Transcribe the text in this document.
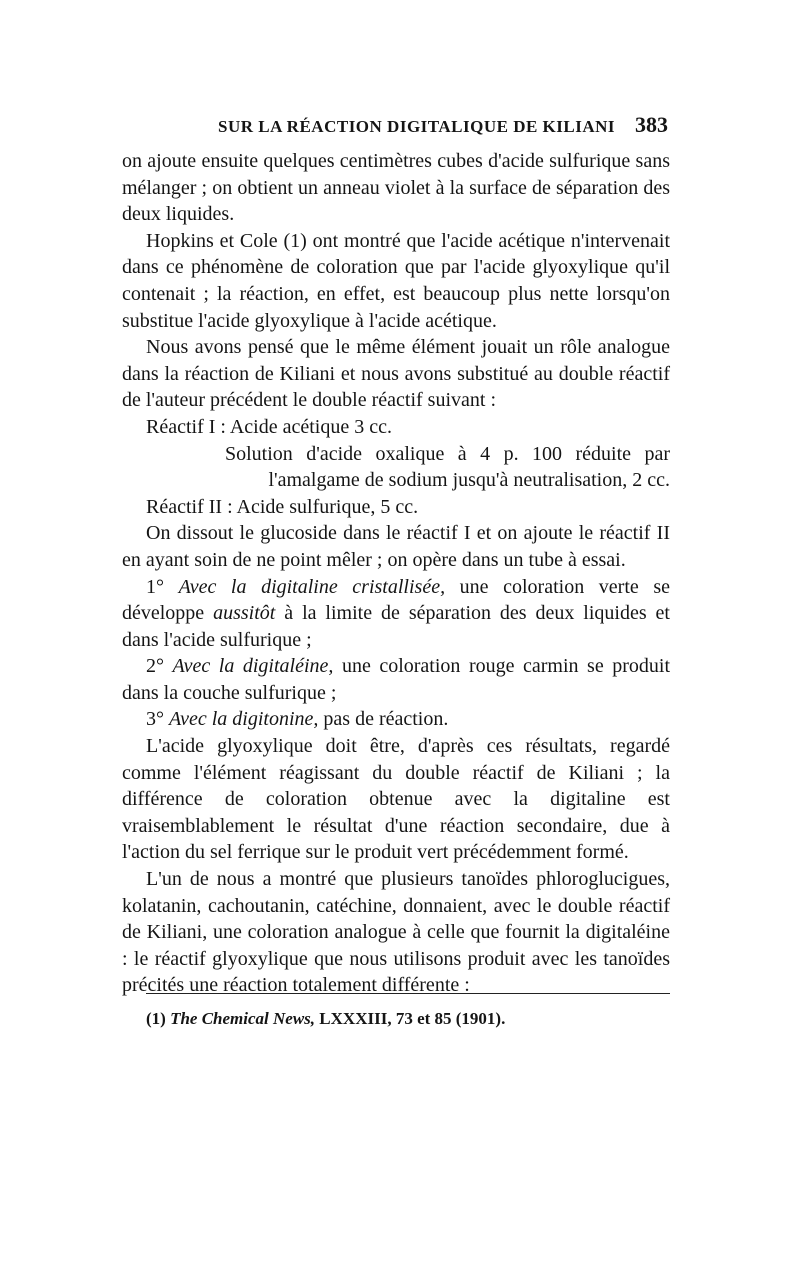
SUR LA RÉACTION DIGITALIQUE DE KILIANI 383

on ajoute ensuite quelques centimètres cubes d'acide sulfurique sans mélanger ; on obtient un anneau violet à la surface de séparation des deux liquides.

Hopkins et Cole (1) ont montré que l'acide acétique n'intervenait dans ce phénomène de coloration que par l'acide glyoxylique qu'il contenait ; la réaction, en effet, est beaucoup plus nette lorsqu'on substitue l'acide glyoxylique à l'acide acétique.

Nous avons pensé que le même élément jouait un rôle analogue dans la réaction de Kiliani et nous avons substitué au double réactif de l'auteur précédent le double réactif suivant :

Réactif I : Acide acétique 3 cc.

Solution d'acide oxalique à 4 p. 100 réduite par

l'amalgame de sodium jusqu'à neutralisation, 2 cc.

Réactif II : Acide sulfurique, 5 cc.

On dissout le glucoside dans le réactif I et on ajoute le réactif II en ayant soin de ne point mêler ; on opère dans un tube à essai.

1° Avec la digitaline cristallisée, une coloration verte se développe aussitôt à la limite de séparation des deux liquides et dans l'acide sulfurique ;

2° Avec la digitaléine, une coloration rouge carmin se produit dans la couche sulfurique ;

3° Avec la digitonine, pas de réaction.

L'acide glyoxylique doit être, d'après ces résultats, regardé comme l'élément réagissant du double réactif de Kiliani ; la différence de coloration obtenue avec la digitaline est vraisemblablement le résultat d'une réaction secondaire, due à l'action du sel ferrique sur le produit vert précédemment formé.

L'un de nous a montré que plusieurs tanoïdes phloroglucigues, kolatanin, cachoutanin, catéchine, donnaient, avec le double réactif de Kiliani, une coloration analogue à celle que fournit la digitaléine : le réactif glyoxylique que nous utilisons produit avec les tanoïdes précités une réaction totalement différente :

(1) The Chemical News, LXXXIII, 73 et 85 (1901).
